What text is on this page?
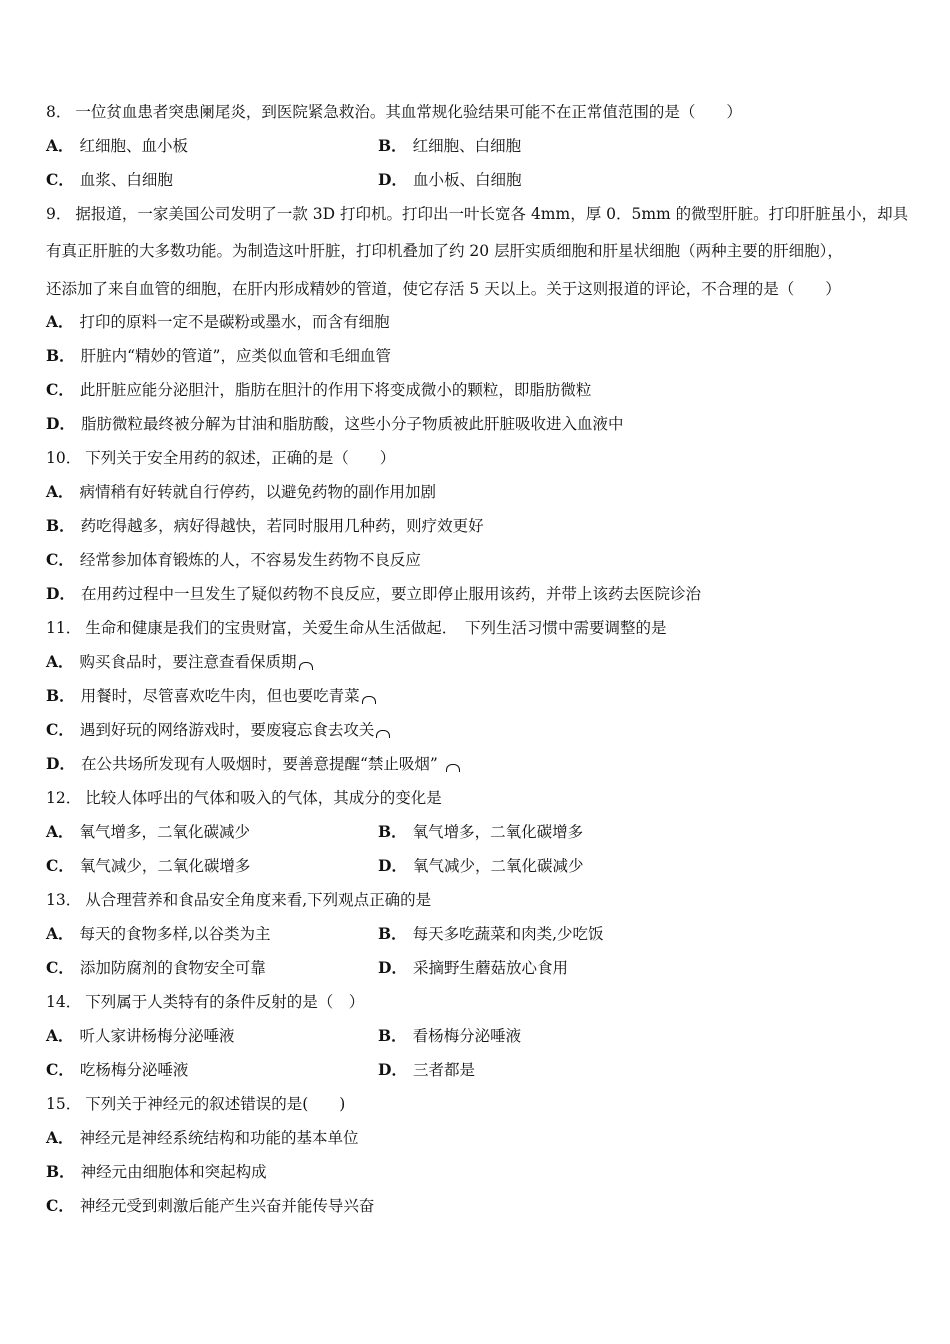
8． 一位贫血患者突患阑尾炎，到医院紧急救治。其血常规化验结果可能不在正常值范围的是（　　）
A． 红细胞、血小板	B． 红细胞、白细胞
C． 血浆、白细胞	D． 血小板、白细胞
9． 据报道，一家美国公司发明了一款 3D 打印机。打印出一叶长宽各 4mm，厚 0．5mm 的微型肝脏。打印肝脏虽小，却具
有真正肝脏的大多数功能。为制造这叶肝脏，打印机叠加了约 20 层肝实质细胞和肝星状细胞（两种主要的肝细胞），
还添加了来自血管的细胞，在肝内形成精妙的管道，使它存活 5 天以上。关于这则报道的评论，不合理的是（　　）
A． 打印的原料一定不是碳粉或墨水，而含有细胞
B． 肝脏内“精妙的管道”，应类似血管和毛细血管
C． 此肝脏应能分泌胆汁，脂肪在胆汁的作用下将变成微小的颗粒，即脂肪微粒
D． 脂肪微粒最终被分解为甘油和脂肪酸，这些小分子物质被此肝脏吸收进入血液中
10． 下列关于安全用药的叙述，正确的是（　　）
A． 病情稍有好转就自行停药，以避免药物的副作用加剧
B． 药吃得越多，病好得越快，若同时服用几种药，则疗效更好
C． 经常参加体育锻炼的人，不容易发生药物不良反应
D． 在用药过程中一旦发生了疑似药物不良反应，要立即停止服用该药，并带上该药去医院诊治
11． 生命和健康是我们的宝贵财富，关爱生命从生活做起．　下列生活习惯中需要调整的是
A． 购买食品时，要注意查看保质期
B． 用餐时，尽管喜欢吃牛肉，但也要吃青菜
C． 遇到好玩的网络游戏时，要废寝忘食去攻关
D． 在公共场所发现有人吸烟时，要善意提醒“禁止吸烟”
12． 比较人体呼出的气体和吸入的气体，其成分的变化是
A． 氧气增多，二氧化碳减少	B． 氧气增多，二氧化碳增多
C． 氧气减少，二氧化碳增多	D． 氧气减少，二氧化碳减少
13． 从合理营养和食品安全角度来看,下列观点正确的是
A． 每天的食物多样,以谷类为主	B． 每天多吃蔬菜和肉类,少吃饭
C． 添加防腐剂的食物安全可靠	D． 采摘野生蘑菇放心食用
14． 下列属于人类特有的条件反射的是（　）
A． 听人家讲杨梅分泌唾液	B． 看杨梅分泌唾液
C． 吃杨梅分泌唾液	D． 三者都是
15． 下列关于神经元的叙述错误的是(　　)
A． 神经元是神经系统结构和功能的基本单位
B． 神经元由细胞体和突起构成
C． 神经元受到刺激后能产生兴奋并能传导兴奋
